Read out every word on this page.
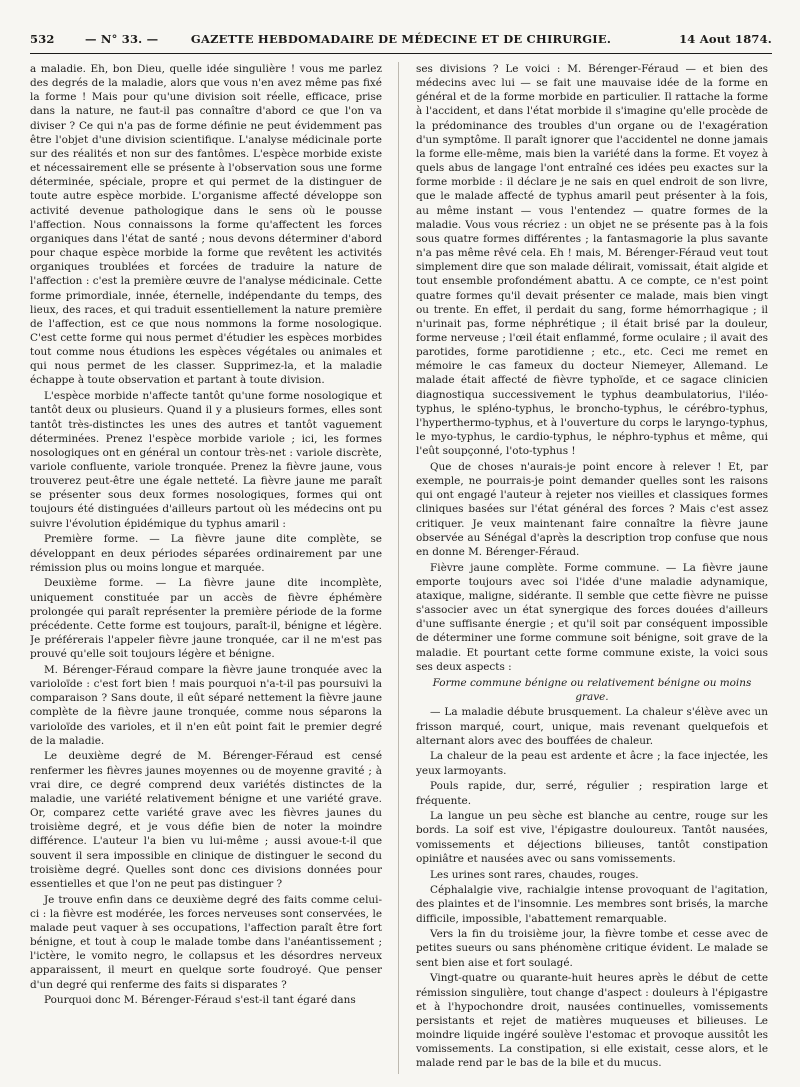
532	— N° 33. —	GAZETTE HEBDOMADAIRE DE MÉDECINE ET DE CHIRURGIE.	14 Aout 1874.

a maladie. Eh, bon Dieu, quelle idée singulière ! vous me parlez des degrés de la maladie, alors que vous n'en avez même pas fixé la forme ! Mais pour qu'une division soit réelle, efficace, prise dans la nature, ne faut-il pas connaître d'abord ce que l'on va diviser ? Ce qui n'a pas de forme définie ne peut évidemment pas être l'objet d'une division scientifique. L'analyse médicinale porte sur des réalités et non sur des fantômes. L'espèce morbide existe et nécessairement elle se présente à l'observation sous une forme déterminée, spéciale, propre et qui permet de la distinguer de toute autre espèce morbide. L'organisme affecté développe son activité devenue pathologique dans le sens où le pousse l'affection. Nous connaissons la forme qu'affectent les forces organiques dans l'état de santé ; nous devons déterminer d'abord pour chaque espèce morbide la forme que revêtent les activités organiques troublées et forcées de traduire la nature de l'affection : c'est la première œuvre de l'analyse médicinale. Cette forme primordiale, innée, éternelle, indépendante du temps, des lieux, des races, et qui traduit essentiellement la nature première de l'affection, est ce que nous nommons la forme nosologique. C'est cette forme qui nous permet d'étudier les espèces morbides tout comme nous étudions les espèces végétales ou animales et qui nous permet de les classer. Supprimez-la, et la maladie échappe à toute observation et partant à toute division.

L'espèce morbide n'affecte tantôt qu'une forme nosologique et tantôt deux ou plusieurs. Quand il y a plusieurs formes, elles sont tantôt très-distinctes les unes des autres et tantôt vaguement déterminées. Prenez l'espèce morbide variole ; ici, les formes nosologiques ont en général un contour très-net : variole discrète, variole confluente, variole tronquée. Prenez la fièvre jaune, vous trouverez peut-être une égale netteté. La fièvre jaune me paraît se présenter sous deux formes nosologiques, formes qui ont toujours été distinguées d'ailleurs partout où les médecins ont pu suivre l'évolution épidémique du typhus amaril :

Première forme. — La fièvre jaune dite complète, se développant en deux périodes séparées ordinairement par une rémission plus ou moins longue et marquée.

Deuxième forme. — La fièvre jaune dite incomplète, uniquement constituée par un accès de fièvre éphémère prolongée qui paraît représenter la première période de la forme précédente. Cette forme est toujours, paraît-il, bénigne et légère. Je préférerais l'appeler fièvre jaune tronquée, car il ne m'est pas prouvé qu'elle soit toujours légère et bénigne.

M. Bérenger-Féraud compare la fièvre jaune tronquée avec la varioloïde : c'est fort bien ! mais pourquoi n'a-t-il pas poursuivi la comparaison ? Sans doute, il eût séparé nettement la fièvre jaune complète de la fièvre jaune tronquée, comme nous séparons la varioloïde des varioles, et il n'en eût point fait le premier degré de la maladie.

Le deuxième degré de M. Bérenger-Féraud est censé renfermer les fièvres jaunes moyennes ou de moyenne gravité ; à vrai dire, ce degré comprend deux variétés distinctes de la maladie, une variété relativement bénigne et une variété grave. Or, comparez cette variété grave avec les fièvres jaunes du troisième degré, et je vous défie bien de noter la moindre différence. L'auteur l'a bien vu lui-même ; aussi avoue-t-il que souvent il sera impossible en clinique de distinguer le second du troisième degré. Quelles sont donc ces divisions données pour essentielles et que l'on ne peut pas distinguer ?

Je trouve enfin dans ce deuxième degré des faits comme celui-ci : la fièvre est modérée, les forces nerveuses sont conservées, le malade peut vaquer à ses occupations, l'affection paraît être fort bénigne, et tout à coup le malade tombe dans l'anéantissement ; l'ictère, le vomito negro, le collapsus et les désordres nerveux apparaissent, il meurt en quelque sorte foudroyé. Que penser d'un degré qui renferme des faits si disparates ?

Pourquoi donc M. Bérenger-Féraud s'est-il tant égaré dans

ses divisions ? Le voici : M. Bérenger-Féraud — et bien des médecins avec lui — se fait une mauvaise idée de la forme en général et de la forme morbide en particulier. Il rattache la forme à l'accident, et dans l'état morbide il s'imagine qu'elle procède de la prédominance des troubles d'un organe ou de l'exagération d'un symptôme. Il paraît ignorer que l'accidentel ne donne jamais la forme elle-même, mais bien la variété dans la forme. Et voyez à quels abus de langage l'ont entraîné ces idées peu exactes sur la forme morbide : il déclare je ne sais en quel endroit de son livre, que le malade affecté de typhus amaril peut présenter à la fois, au même instant — vous l'entendez — quatre formes de la maladie. Vous vous récriez : un objet ne se présente pas à la fois sous quatre formes différentes ; la fantasmagorie la plus savante n'a pas même rêvé cela. Eh ! mais, M. Bérenger-Féraud veut tout simplement dire que son malade délirait, vomissait, était algide et tout ensemble profondément abattu. A ce compte, ce n'est point quatre formes qu'il devait présenter ce malade, mais bien vingt ou trente. En effet, il perdait du sang, forme hémorrhagique ; il n'urinait pas, forme néphrétique ; il était brisé par la douleur, forme nerveuse ; l'œil était enflammé, forme oculaire ; il avait des parotides, forme parotidienne ; etc., etc. Ceci me remet en mémoire le cas fameux du docteur Niemeyer, Allemand. Le malade était affecté de fièvre typhoïde, et ce sagace clinicien diagnostiqua successivement le typhus deambulatorius, l'iléo-typhus, le spléno-typhus, le broncho-typhus, le cérébro-typhus, l'hyperthermo-typhus, et à l'ouverture du corps le laryngo-typhus, le myo-typhus, le cardio-typhus, le néphro-typhus et même, qui l'eût soupçonné, l'oto-typhus !

Que de choses n'aurais-je point encore à relever ! Et, par exemple, ne pourrais-je point demander quelles sont les raisons qui ont engagé l'auteur à rejeter nos vieilles et classiques formes cliniques basées sur l'état général des forces ? Mais c'est assez critiquer. Je veux maintenant faire connaître la fièvre jaune observée au Sénégal d'après la description trop confuse que nous en donne M. Bérenger-Féraud.

Fièvre jaune complète. Forme commune. — La fièvre jaune emporte toujours avec soi l'idée d'une maladie adynamique, ataxique, maligne, sidérante. Il semble que cette fièvre ne puisse s'associer avec un état synergique des forces douées d'ailleurs d'une suffisante énergie ; et qu'il soit par conséquent impossible de déterminer une forme commune soit bénigne, soit grave de la maladie. Et pourtant cette forme commune existe, la voici sous ses deux aspects :

Forme commune bénigne ou relativement bénigne ou moins grave.

— La maladie débute brusquement. La chaleur s'élève avec un frisson marqué, court, unique, mais revenant quelquefois et alternant alors avec des bouffées de chaleur.

La chaleur de la peau est ardente et âcre ; la face injectée, les yeux larmoyants.

Pouls rapide, dur, serré, régulier ; respiration large et fréquente.

La langue un peu sèche est blanche au centre, rouge sur les bords. La soif est vive, l'épigastre douloureux. Tantôt nausées, vomissements et déjections bilieuses, tantôt constipation opiniâtre et nausées avec ou sans vomissements.

Les urines sont rares, chaudes, rouges.

Céphalalgie vive, rachialgie intense provoquant de l'agitation, des plaintes et de l'insomnie. Les membres sont brisés, la marche difficile, impossible, l'abattement remarquable.

Vers la fin du troisième jour, la fièvre tombe et cesse avec de petites sueurs ou sans phénomène critique évident. Le malade se sent bien aise et fort soulagé.

Vingt-quatre ou quarante-huit heures après le début de cette rémission singulière, tout change d'aspect : douleurs à l'épigastre et à l'hypochondre droit, nausées continuelles, vomissements persistants et rejet de matières muqueuses et bilieuses. Le moindre liquide ingéré soulève l'estomac et provoque aussitôt les vomissements. La constipation, si elle existait, cesse alors, et le malade rend par le bas de la bile et du mucus.
